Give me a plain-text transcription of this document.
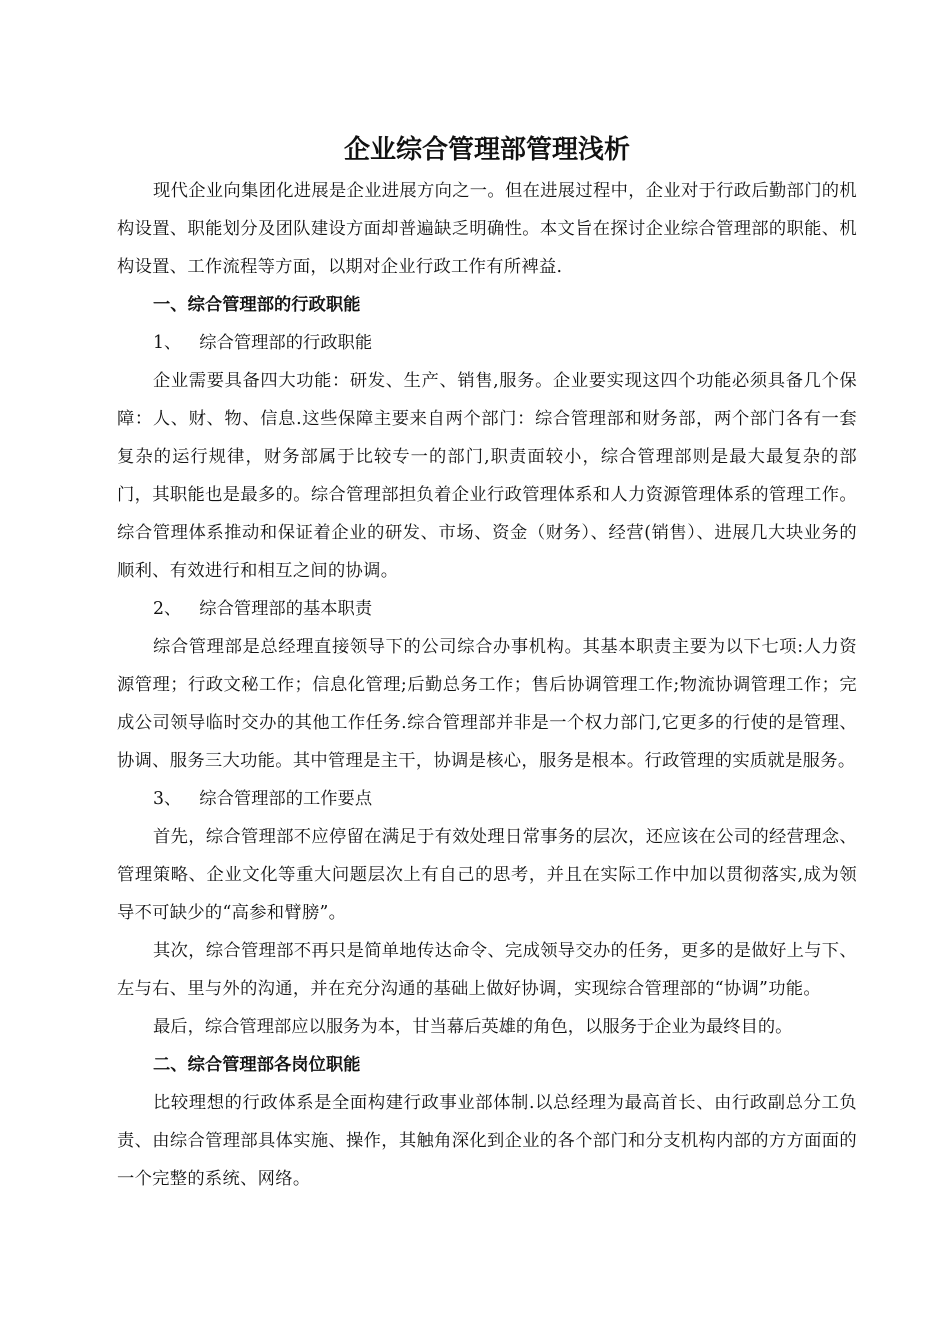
企业综合管理部管理浅析

现代企业向集团化进展是企业进展方向之一。但在进展过程中，企业对于行政后勤部门的机构设置、职能划分及团队建设方面却普遍缺乏明确性。本文旨在探讨企业综合管理部的职能、机构设置、工作流程等方面，以期对企业行政工作有所裨益.

一、综合管理部的行政职能
1、 综合管理部的行政职能

企业需要具备四大功能：研发、生产、销售,服务。企业要实现这四个功能必须具备几个保障：人、财、物、信息.这些保障主要来自两个部门：综合管理部和财务部，两个部门各有一套复杂的运行规律，财务部属于比较专一的部门,职责面较小，综合管理部则是最大最复杂的部门，其职能也是最多的。综合管理部担负着企业行政管理体系和人力资源管理体系的管理工作。综合管理体系推动和保证着企业的研发、市场、资金（财务）、经营(销售）、进展几大块业务的顺利、有效进行和相互之间的协调。

2、 综合管理部的基本职责

综合管理部是总经理直接领导下的公司综合办事机构。其基本职责主要为以下七项:人力资源管理；行政文秘工作；信息化管理;后勤总务工作；售后协调管理工作;物流协调管理工作；完成公司领导临时交办的其他工作任务.综合管理部并非是一个权力部门,它更多的行使的是管理、协调、服务三大功能。其中管理是主干，协调是核心，服务是根本。行政管理的实质就是服务。

3、 综合管理部的工作要点

首先，综合管理部不应停留在满足于有效处理日常事务的层次，还应该在公司的经营理念、管理策略、企业文化等重大问题层次上有自己的思考，并且在实际工作中加以贯彻落实,成为领导不可缺少的“高参和臂膀”。

其次，综合管理部不再只是简单地传达命令、完成领导交办的任务，更多的是做好上与下、左与右、里与外的沟通，并在充分沟通的基础上做好协调，实现综合管理部的“协调”功能。

最后，综合管理部应以服务为本，甘当幕后英雄的角色，以服务于企业为最终目的。

二、综合管理部各岗位职能

比较理想的行政体系是全面构建行政事业部体制.以总经理为最高首长、由行政副总分工负责、由综合管理部具体实施、操作，其触角深化到企业的各个部门和分支机构内部的方方面面的一个完整的系统、网络。
